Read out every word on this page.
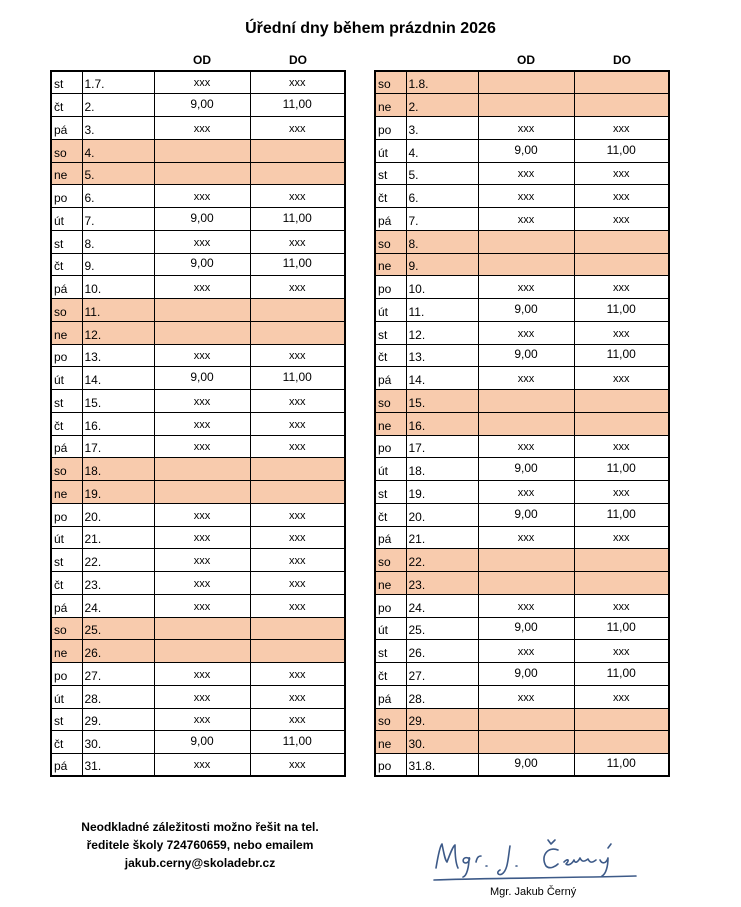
Úřední dny během prázdnin 2026
OD	DO	OD	DO
st	1.7.	xxx	xxx
čt	2.	9,00	11,00
pá	3.	xxx	xxx
so	4.		
ne	5.		
po	6.	xxx	xxx
út	7.	9,00	11,00
st	8.	xxx	xxx
čt	9.	9,00	11,00
pá	10.	xxx	xxx
so	11.		
ne	12.		
po	13.	xxx	xxx
út	14.	9,00	11,00
st	15.	xxx	xxx
čt	16.	xxx	xxx
pá	17.	xxx	xxx
so	18.		
ne	19.		
po	20.	xxx	xxx
út	21.	xxx	xxx
st	22.	xxx	xxx
čt	23.	xxx	xxx
pá	24.	xxx	xxx
so	25.		
ne	26.		
po	27.	xxx	xxx
út	28.	xxx	xxx
st	29.	xxx	xxx
čt	30.	9,00	11,00
pá	31.	xxx	xxx
so	1.8.		
ne	2.		
po	3.	xxx	xxx
út	4.	9,00	11,00
st	5.	xxx	xxx
čt	6.	xxx	xxx
pá	7.	xxx	xxx
so	8.		
ne	9.		
po	10.	xxx	xxx
út	11.	9,00	11,00
st	12.	xxx	xxx
čt	13.	9,00	11,00
pá	14.	xxx	xxx
so	15.		
ne	16.		
po	17.	xxx	xxx
út	18.	9,00	11,00
st	19.	xxx	xxx
čt	20.	9,00	11,00
pá	21.	xxx	xxx
so	22.		
ne	23.		
po	24.	xxx	xxx
út	25.	9,00	11,00
st	26.	xxx	xxx
čt	27.	9,00	11,00
pá	28.	xxx	xxx
so	29.		
ne	30.		
po	31.8.	9,00	11,00
Neodkladné záležitosti možno řešit na tel.
ředitele školy 724760659, nebo emailem
jakub.cerny@skoladebr.cz
Mgr. Jakub Černý
